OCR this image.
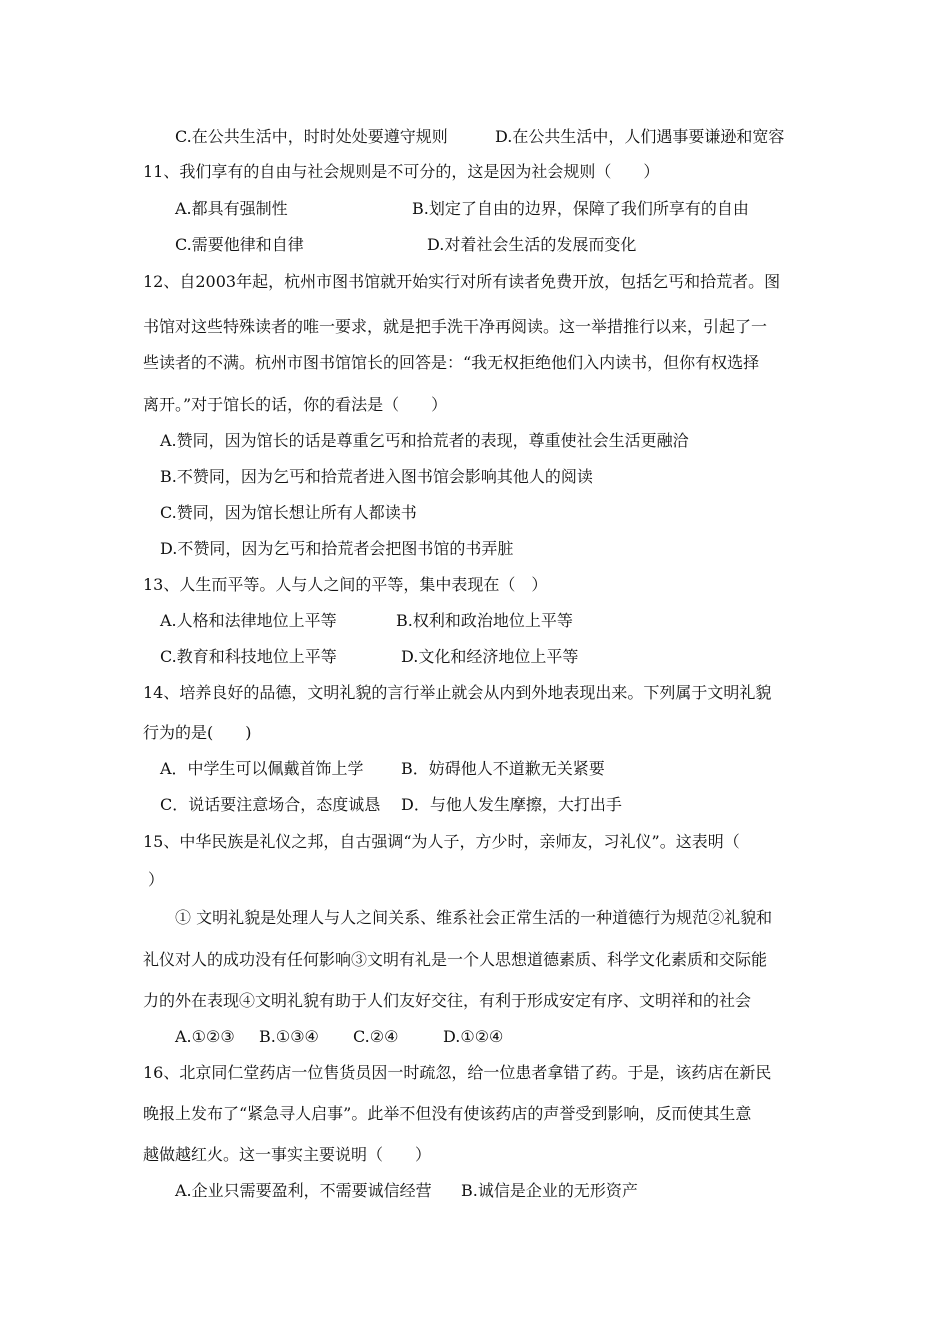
C.在公共生活中，时时处处要遵守规则	D.在公共生活中，人们遇事要谦逊和宽容
11、我们享有的自由与社会规则是不可分的，这是因为社会规则（　　）
A.都具有强制性	B.划定了自由的边界，保障了我们所享有的自由
C.需要他律和自律	D.对着社会生活的发展而变化
12、自2003年起，杭州市图书馆就开始实行对所有读者免费开放，包括乞丐和拾荒者。图
书馆对这些特殊读者的唯一要求，就是把手洗干净再阅读。这一举措推行以来，引起了一
些读者的不满。杭州市图书馆馆长的回答是：“我无权拒绝他们入内读书，但你有权选择
离开。”对于馆长的话，你的看法是（　　）
A.赞同，因为馆长的话是尊重乞丐和拾荒者的表现，尊重使社会生活更融洽
B.不赞同，因为乞丐和拾荒者进入图书馆会影响其他人的阅读
C.赞同，因为馆长想让所有人都读书
D.不赞同，因为乞丐和拾荒者会把图书馆的书弄脏
13、人生而平等。人与人之间的平等，集中表现在（　）
A.人格和法律地位上平等	B.权利和政治地位上平等
C.教育和科技地位上平等	D.文化和经济地位上平等
14、培养良好的品德，文明礼貌的言行举止就会从内到外地表现出来。下列属于文明礼貌
行为的是(　　)
A．中学生可以佩戴首饰上学 B．妨碍他人不道歉无关紧要
C．说话要注意场合，态度诚恳 D．与他人发生摩擦，大打出手
15、中华民族是礼仪之邦，自古强调“为人子，方少时，亲师友，习礼仪”。这表明（
）
① 文明礼貌是处理人与人之间关系、维系社会正常生活的一种道德行为规范②礼貌和
礼仪对人的成功没有任何影响③文明有礼是一个人思想道德素质、科学文化素质和交际能
力的外在表现④文明礼貌有助于人们友好交往，有利于形成安定有序、文明祥和的社会
A.①②③ B.①③④ C.②④	D.①②④
16、北京同仁堂药店一位售货员因一时疏忽，给一位患者拿错了药。于是，该药店在新民
晚报上发布了“紧急寻人启事”。此举不但没有使该药店的声誉受到影响，反而使其生意
越做越红火。这一事实主要说明（　　）
A.企业只需要盈利，不需要诚信经营 B.诚信是企业的无形资产
